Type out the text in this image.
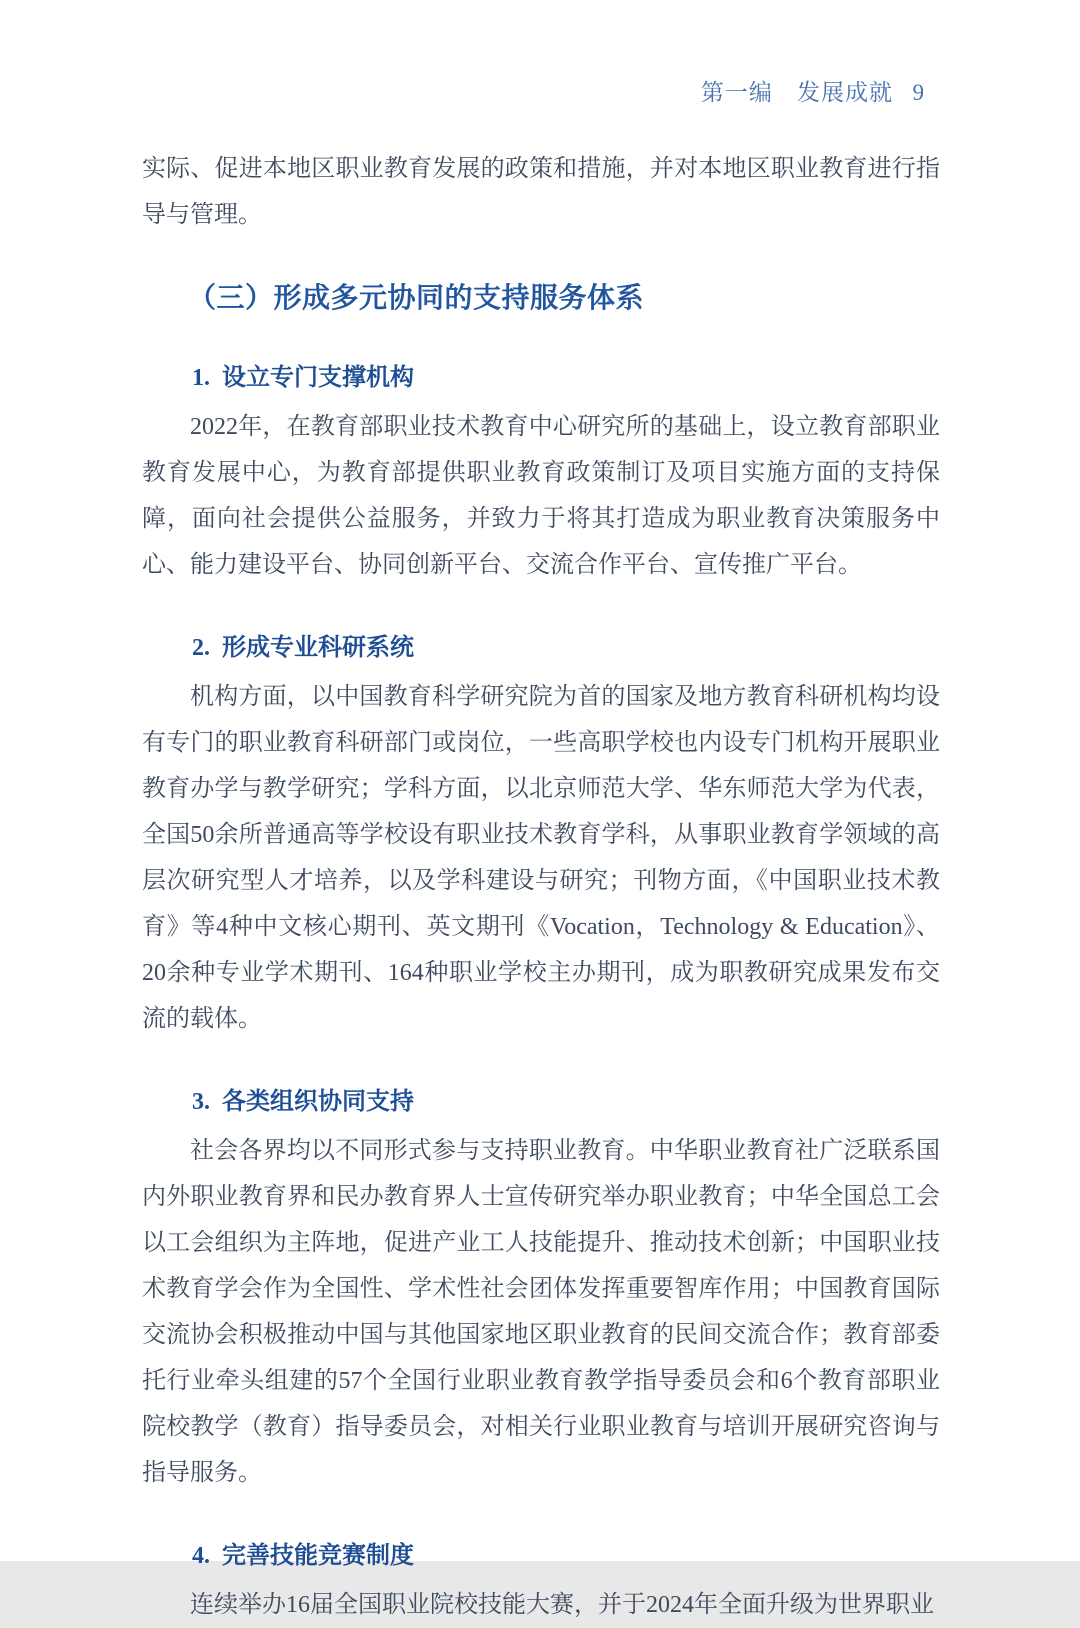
第一编 发展成就 9

实际、促进本地区职业教育发展的政策和措施，并对本地区职业教育进行指导与管理。

（三）形成多元协同的支持服务体系
1. 设立专门支撑机构

2022年，在教育部职业技术教育中心研究所的基础上，设立教育部职业教育发展中心，为教育部提供职业教育政策制订及项目实施方面的支持保障，面向社会提供公益服务，并致力于将其打造成为职业教育决策服务中心、能力建设平台、协同创新平台、交流合作平台、宣传推广平台。

2. 形成专业科研系统

机构方面，以中国教育科学研究院为首的国家及地方教育科研机构均设有专门的职业教育科研部门或岗位，一些高职学校也内设专门机构开展职业教育办学与教学研究；学科方面，以北京师范大学、华东师范大学为代表，全国50余所普通高等学校设有职业技术教育学科，从事职业教育学领域的高层次研究型人才培养，以及学科建设与研究；刊物方面，《中国职业技术教育》等4种中文核心期刊、英文期刊《Vocation，Technology & Education》、20余种专业学术期刊、164种职业学校主办期刊，成为职教研究成果发布交流的载体。

3. 各类组织协同支持

社会各界均以不同形式参与支持职业教育。中华职业教育社广泛联系国内外职业教育界和民办教育界人士宣传研究举办职业教育；中华全国总工会以工会组织为主阵地，促进产业工人技能提升、推动技术创新；中国职业技术教育学会作为全国性、学术性社会团体发挥重要智库作用；中国教育国际交流协会积极推动中国与其他国家地区职业教育的民间交流合作；教育部委托行业牵头组建的57个全国行业职业教育教学指导委员会和6个教育部职业院校教学（教育）指导委员会，对相关行业职业教育与培训开展研究咨询与指导服务。

4. 完善技能竞赛制度

连续举办16届全国职业院校技能大赛，并于2024年全面升级为世界职业
